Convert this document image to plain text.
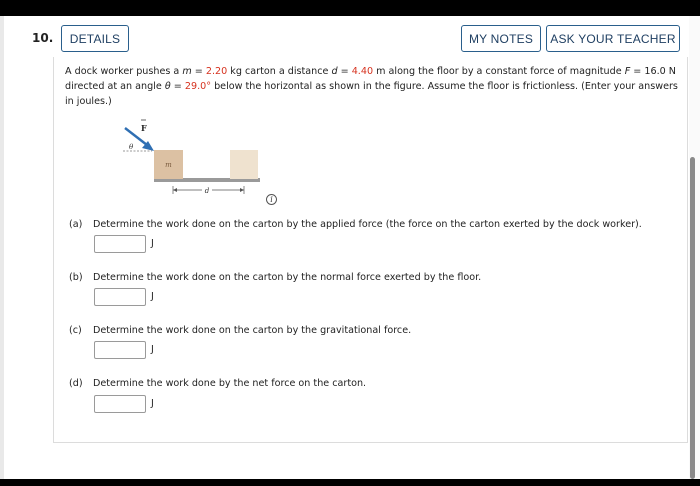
10.	DETAILS	MY NOTES	ASK YOUR TEACHER
A dock worker pushes a m = 2.20 kg carton a distance d = 4.40 m along the floor by a constant force of magnitude F = 16.0 N directed at an angle θ = 29.0° below the horizontal as shown in the figure. Assume the floor is frictionless. (Enter your answers in joules.)
m
F
θ
d
i
(a) Determine the work done on the carton by the applied force (the force on the carton exerted by the dock worker).
J
(b) Determine the work done on the carton by the normal force exerted by the floor.
J
(c) Determine the work done on the carton by the gravitational force.
J
(d) Determine the work done by the net force on the carton.
J
